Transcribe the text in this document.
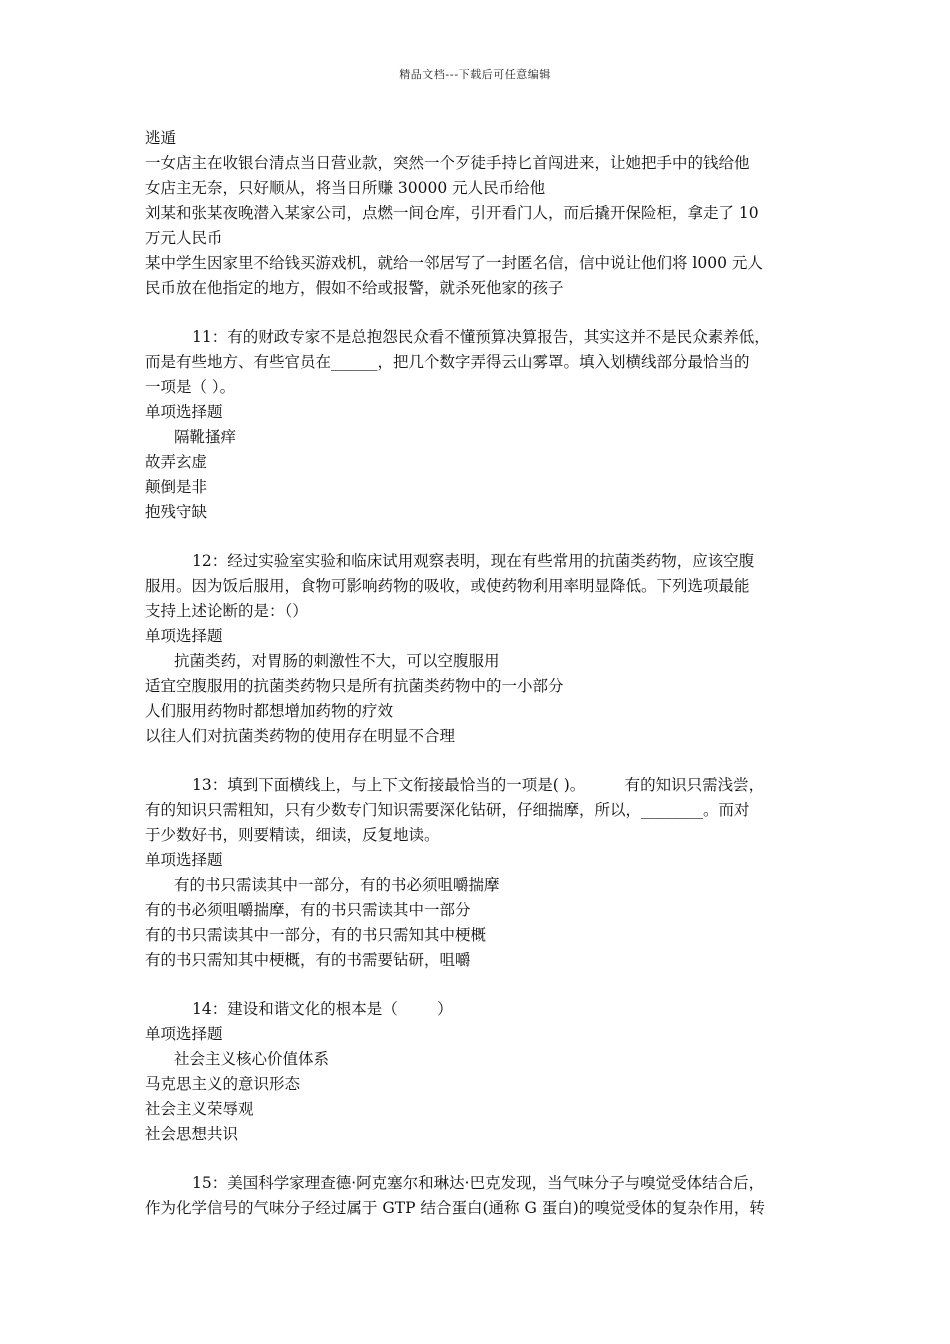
精品文档---下载后可任意编辑
逃遁
一女店主在收银台清点当日营业款，突然一个歹徒手持匕首闯进来，让她把手中的钱给他
女店主无奈，只好顺从，将当日所赚 30000 元人民币给他
刘某和张某夜晚潜入某家公司，点燃一间仓库，引开看门人，而后撬开保险柜，拿走了 10
万元人民币
某中学生因家里不给钱买游戏机，就给一邻居写了一封匿名信，信中说让他们将 l000 元人
民币放在他指定的地方，假如不给或报警，就杀死他家的孩子
11：有的财政专家不是总抱怨民众看不懂预算决算报告，其实这并不是民众素养低，
而是有些地方、有些官员在______，把几个数字弄得云山雾罩。填入划横线部分最恰当的
一项是（ ）。
单项选择题
隔靴搔痒
故弄玄虚
颠倒是非
抱残守缺
12：经过实验室实验和临床试用观察表明，现在有些常用的抗菌类药物，应该空腹
服用。因为饭后服用，食物可影响药物的吸收，或使药物利用率明显降低。下列选项最能
支持上述论断的是：（）
单项选择题
抗菌类药，对胃肠的刺激性不大，可以空腹服用
适宜空腹服用的抗菌类药物只是所有抗菌类药物中的一小部分
人们服用药物时都想增加药物的疗效
以往人们对抗菌类药物的使用存在明显不合理
13：填到下面横线上，与上下文衔接最恰当的一项是( )。        有的知识只需浅尝，
有的知识只需粗知，只有少数专门知识需要深化钻研，仔细揣摩，所以，________。而对
于少数好书，则要精读，细读，反复地读。
单项选择题
有的书只需读其中一部分，有的书必须咀嚼揣摩
有的书必须咀嚼揣摩，有的书只需读其中一部分
有的书只需读其中一部分，有的书只需知其中梗概
有的书只需知其中梗概，有的书需要钻研，咀嚼
14：建设和谐文化的根本是（        ）
单项选择题
社会主义核心价值体系
马克思主义的意识形态
社会主义荣辱观
社会思想共识
15：美国科学家理查德·阿克塞尔和琳达·巴克发现，当气味分子与嗅觉受体结合后，
作为化学信号的气味分子经过属于 GTP 结合蛋白(通称 G 蛋白)的嗅觉受体的复杂作用，转
